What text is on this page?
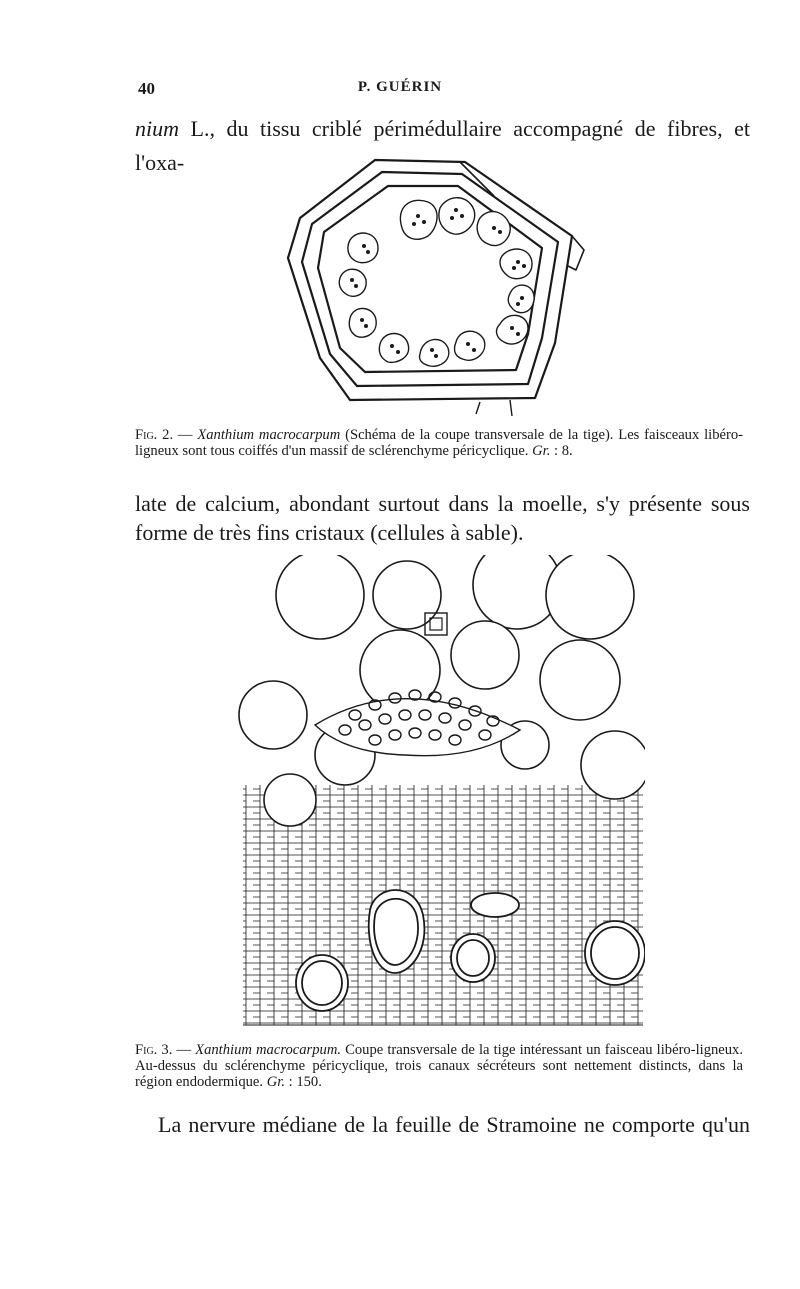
40	P. GUÉRIN

nium L., du tissu criblé périmédullaire accompagné de fibres, et l'oxa-

Fig. 2. — Xanthium macrocarpum (Schéma de la coupe transversale de la tige). Les faisceaux libéro-ligneux sont tous coiffés d'un massif de sclérenchyme péricyclique. Gr. : 8.

late de calcium, abondant surtout dans la moelle, s'y présente sous

forme de très fins cristaux (cellules à sable).

Fig. 3. — Xanthium macrocarpum. Coupe transversale de la tige intéressant un faisceau libéro-ligneux. Au-dessus du sclérenchyme péricyclique, trois canaux sécréteurs sont nettement distincts, dans la région endodermique. Gr. : 150.

La nervure médiane de la feuille de Stramoine ne comporte qu'un
